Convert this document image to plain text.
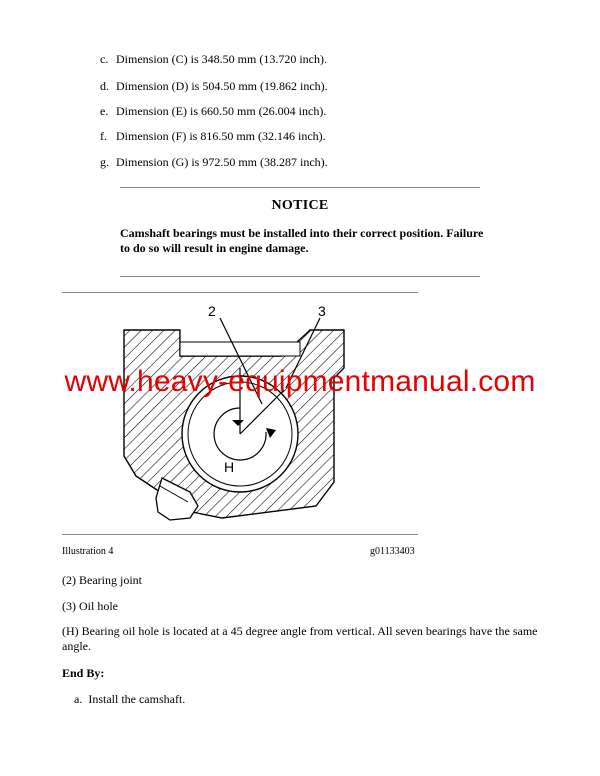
c. Dimension (C) is 348.50 mm (13.720 inch).
d. Dimension (D) is 504.50 mm (19.862 inch).
e. Dimension (E) is 660.50 mm (26.004 inch).
f. Dimension (F) is 816.50 mm (32.146 inch).
g. Dimension (G) is 972.50 mm (38.287 inch).
NOTICE
Camshaft bearings must be installed into their correct position. Failure to do so will result in engine damage.
2	3
H
www.heavy-equipmentmanual.com
Illustration 4	g01133403
(2) Bearing joint
(3) Oil hole
(H) Bearing oil hole is located at a 45 degree angle from vertical. All seven bearings have the same angle.
End By:
a. Install the camshaft.
